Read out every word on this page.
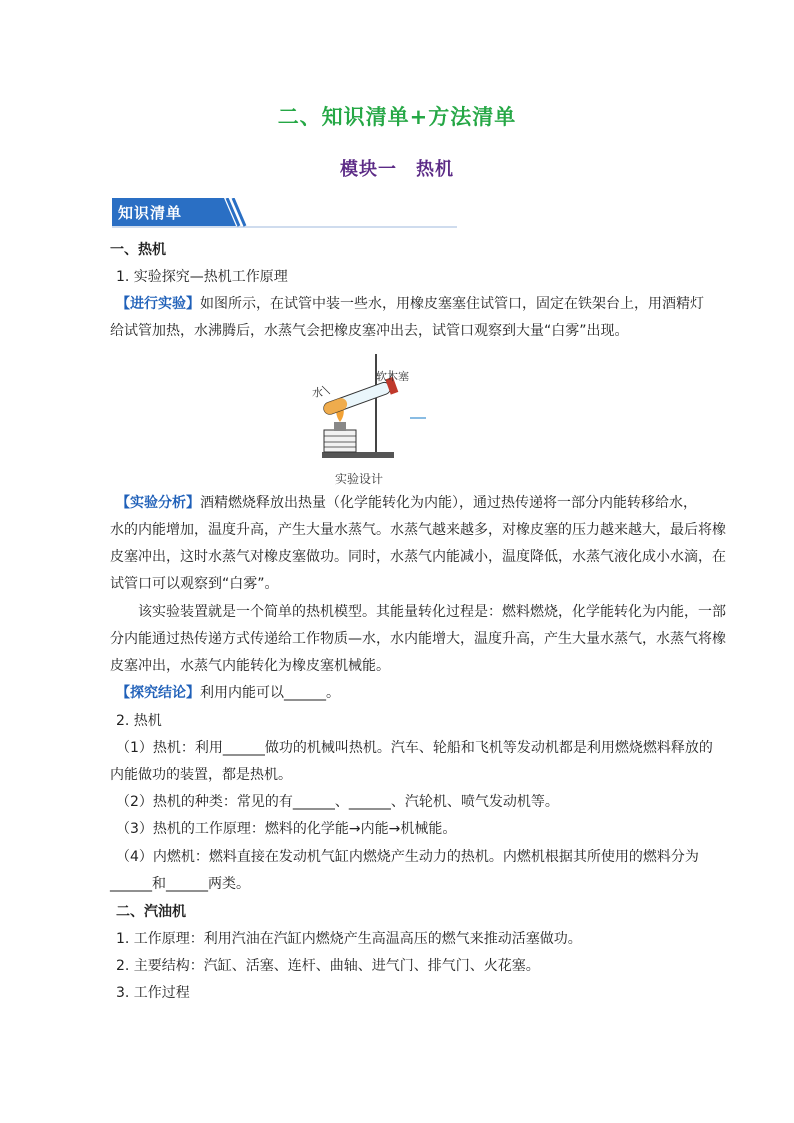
二、知识清单+方法清单
模块一　热机
知识清单
一、热机
1. 实验探究—热机工作原理
【进行实验】如图所示，在试管中装一些水，用橡皮塞塞住试管口，固定在铁架台上，用酒精灯
给试管加热，水沸腾后，水蒸气会把橡皮塞冲出去，试管口观察到大量“白雾”出现。
水
软木塞
实验设计
【实验分析】酒精燃烧释放出热量（化学能转化为内能），通过热传递将一部分内能转移给水，
水的内能增加，温度升高，产生大量水蒸气。水蒸气越来越多，对橡皮塞的压力越来越大，最后将橡
皮塞冲出，这时水蒸气对橡皮塞做功。同时，水蒸气内能减小，温度降低，水蒸气液化成小水滴，在
试管口可以观察到“白雾”。
该实验装置就是一个简单的热机模型。其能量转化过程是：燃料燃烧，化学能转化为内能，一部
分内能通过热传递方式传递给工作物质—水，水内能增大，温度升高，产生大量水蒸气，水蒸气将橡
皮塞冲出，水蒸气内能转化为橡皮塞机械能。
【探究结论】利用内能可以______。
2. 热机
（1）热机：利用______做功的机械叫热机。汽车、轮船和飞机等发动机都是利用燃烧燃料释放的
内能做功的装置，都是热机。
（2）热机的种类：常见的有______、______、汽轮机、喷气发动机等。
（3）热机的工作原理：燃料的化学能→内能→机械能。
（4）内燃机：燃料直接在发动机气缸内燃烧产生动力的热机。内燃机根据其所使用的燃料分为
______和______两类。
二、汽油机
1. 工作原理：利用汽油在汽缸内燃烧产生高温高压的燃气来推动活塞做功。
2. 主要结构：汽缸、活塞、连杆、曲轴、进气门、排气门、火花塞。
3. 工作过程
